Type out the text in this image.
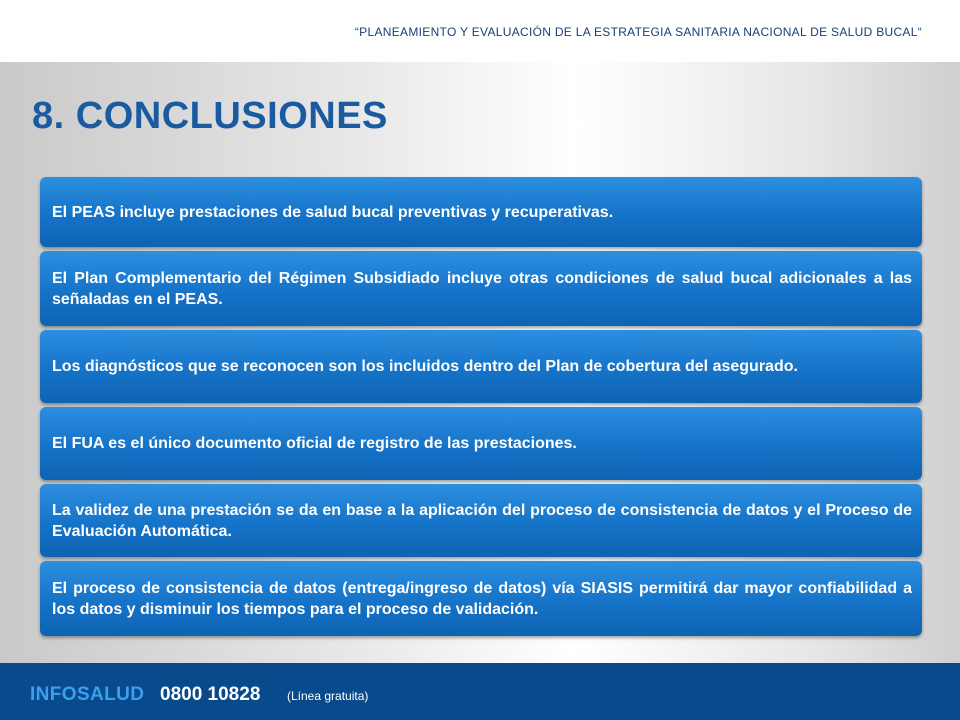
“PLANEAMIENTO Y EVALUACIÓN DE LA ESTRATEGIA SANITARIA NACIONAL DE SALUD BUCAL“
8. CONCLUSIONES
El PEAS incluye prestaciones de salud bucal preventivas y recuperativas.
El Plan Complementario del Régimen Subsidiado incluye otras condiciones de salud bucal adicionales a las señaladas en el PEAS.
Los diagnósticos que se reconocen son los incluidos dentro del Plan de cobertura del asegurado.
El FUA es el único documento oficial de registro de las prestaciones.
La validez de una prestación se da en base a la aplicación del proceso de consistencia de datos y el Proceso de Evaluación Automática.
El proceso de consistencia de datos (entrega/ingreso de datos) vía SIASIS permitirá dar mayor confiabilidad a los datos y disminuir los tiempos para el proceso de validación.
INFOSALUD 0800 10828 (Línea gratuita)
